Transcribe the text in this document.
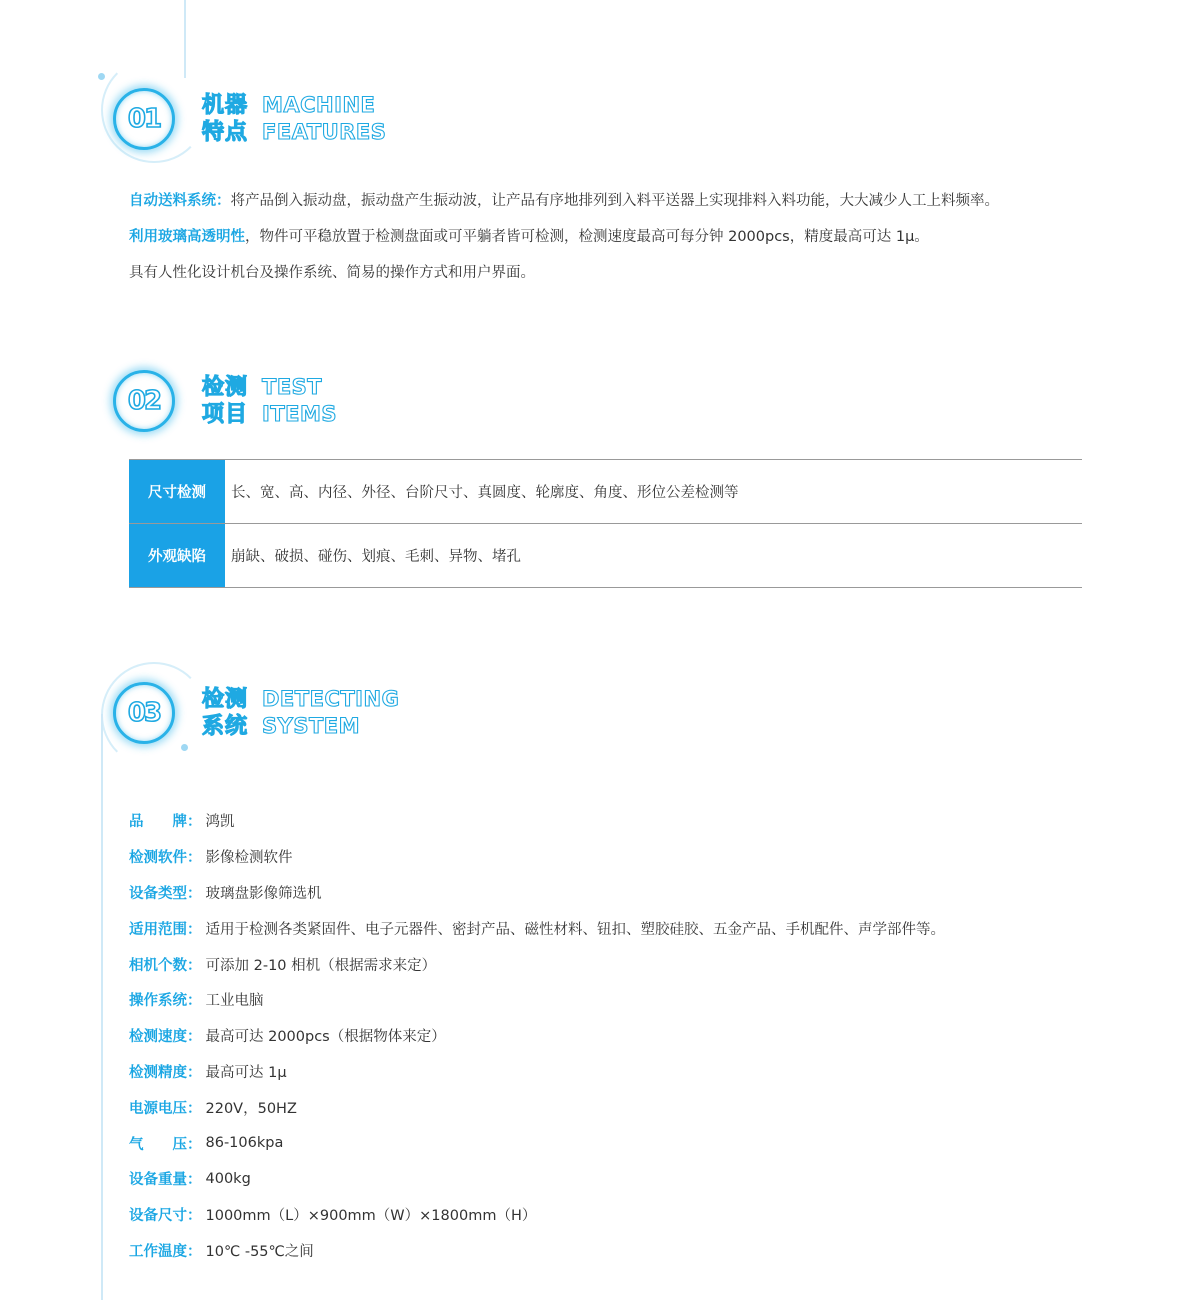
01	机器 MACHINE
特点 FEATURES
自动送料系统：将产品倒入振动盘，振动盘产生振动波，让产品有序地排列到入料平送器上实现排料入料功能，大大减少人工上料频率。
利用玻璃高透明性，物件可平稳放置于检测盘面或可平躺者皆可检测，检测速度最高可每分钟 2000pcs，精度最高可达 1μ。
具有人性化设计机台及操作系统、简易的操作方式和用户界面。
02	检测 TEST
项目 ITEMS
尺寸检测	长、宽、高、内径、外径、台阶尺寸、真圆度、轮廓度、角度、形位公差检测等
外观缺陷	崩缺、破损、碰伤、划痕、毛刺、异物、堵孔
03	检测 DETECTING
系统 SYSTEM
品　　牌： 鸿凯
检测软件： 影像检测软件
设备类型： 玻璃盘影像筛选机
适用范围： 适用于检测各类紧固件、电子元器件、密封产品、磁性材料、钮扣、塑胶硅胶、五金产品、手机配件、声学部件等。
相机个数： 可添加 2-10 相机（根据需求来定）
操作系统： 工业电脑
检测速度： 最高可达 2000pcs（根据物体来定）
检测精度： 最高可达 1μ
电源电压： 220V，50HZ
气　　压： 86-106kpa
设备重量： 400kg
设备尺寸： 1000mm（L）×900mm（W）×1800mm（H）
工作温度： 10℃ -55℃之间
